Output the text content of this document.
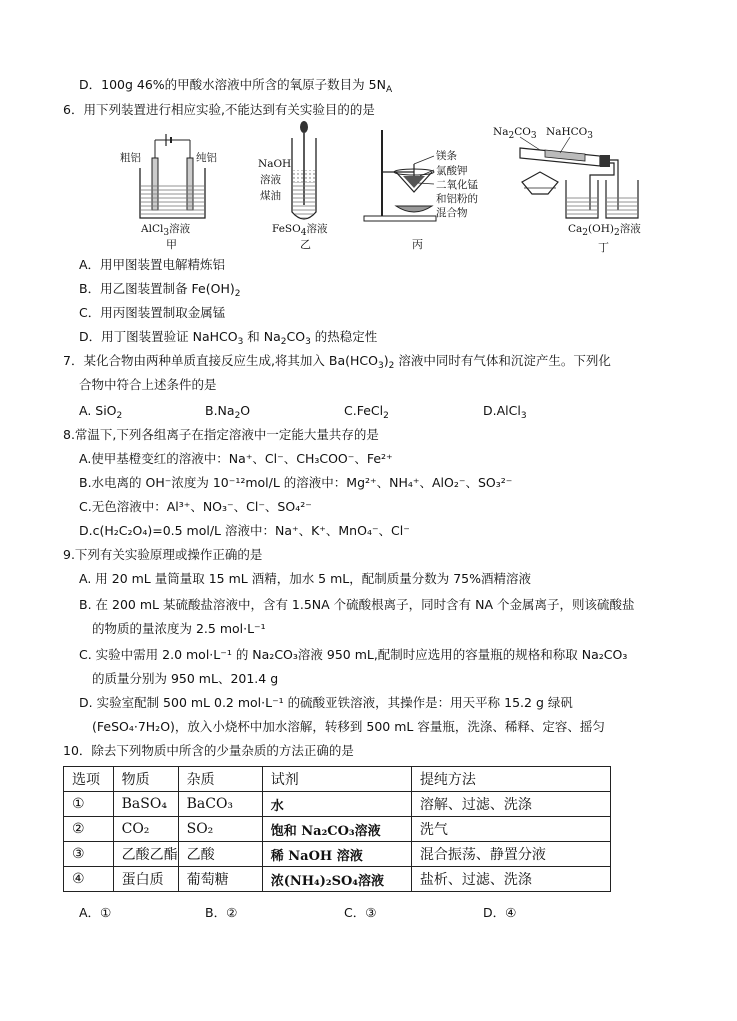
D．100g 46%的甲酸水溶液中所含的氧原子数目为 $5N_A$
6．用下列装置进行相应实验,不能达到有关实验目的的是
粗铝	纯铝
AlCl$_3$溶液
甲
NaOH
溶液
煤油
FeSO$_4$溶液
乙
镁条
氯酸钾
二氧化锰
和铝粉的
混合物
丙
$Na_2CO_3$ NaHCO$_3$
$Ca_2(OH)_2$溶液
丁
A．用甲图装置电解精炼铝
B．用乙图装置制备 $Fe(OH)_2$
C．用丙图装置制取金属锰
D．用丁图装置验证 NaHCO$_3$ 和 $Na_2CO_3$ 的热稳定性
7．某化合物由两种单质直接反应生成,将其加入 $Ba(HCO_3)_2$ 溶液中同时有气体和沉淀产生。下列化
合物中符合上述条件的是
A. SiO$_2$	$B.Na_2O$	C.FeCl$_2$	D.AlCl$_3$
8.常温下,下列各组离子在指定溶液中一定能大量共存的是
A.使甲基橙变红的溶液中：Na⁺、Cl⁻、CH₃COO⁻、Fe²⁺
B.水电离的 OH⁻浓度为 10⁻¹²mol/L 的溶液中：Mg²⁺、NH₄⁺、AlO₂⁻、SO₃²⁻
C.无色溶液中：Al³⁺、NO₃⁻、Cl⁻、SO₄²⁻
D.c(H₂C₂O₄)=0.5 mol/L 溶液中：Na⁺、K⁺、MnO₄⁻、Cl⁻
9.下列有关实验原理或操作正确的是
A. 用 20 mL 量筒量取 15 mL 酒精，加水 5 mL，配制质量分数为 75%酒精溶液
B. 在 200 mL 某硫酸盐溶液中，含有 1.5NA 个硫酸根离子，同时含有 NA 个金属离子，则该硫酸盐
的物质的量浓度为 2.5 mol·L⁻¹
C. 实验中需用 2.0 mol·L⁻¹ 的 Na₂CO₃溶液 950 mL,配制时应选用的容量瓶的规格和称取 Na₂CO₃
的质量分别为 950 mL、201.4 g
D. 实验室配制 500 mL 0.2 mol·L⁻¹ 的硫酸亚铁溶液，其操作是：用天平称 15.2 g 绿矾
(FeSO₄·7H₂O)，放入小烧杯中加水溶解，转移到 500 mL 容量瓶，洗涤、稀释、定容、摇匀
10．除去下列物质中所含的少量杂质的方法正确的是
选项	物质	杂质	试剂	提纯方法
①	BaSO₄	BaCO₃	水	溶解、过滤、洗涤
②	CO₂	SO₂	饱和 Na₂CO₃溶液	洗气
③	乙酸乙酯	乙酸	稀 NaOH 溶液	混合振荡、静置分液
④	蛋白质	葡萄糖	浓(NH₄)₂SO₄溶液	盐析、过滤、洗涤
A．①	B．②	C．③	D．④
